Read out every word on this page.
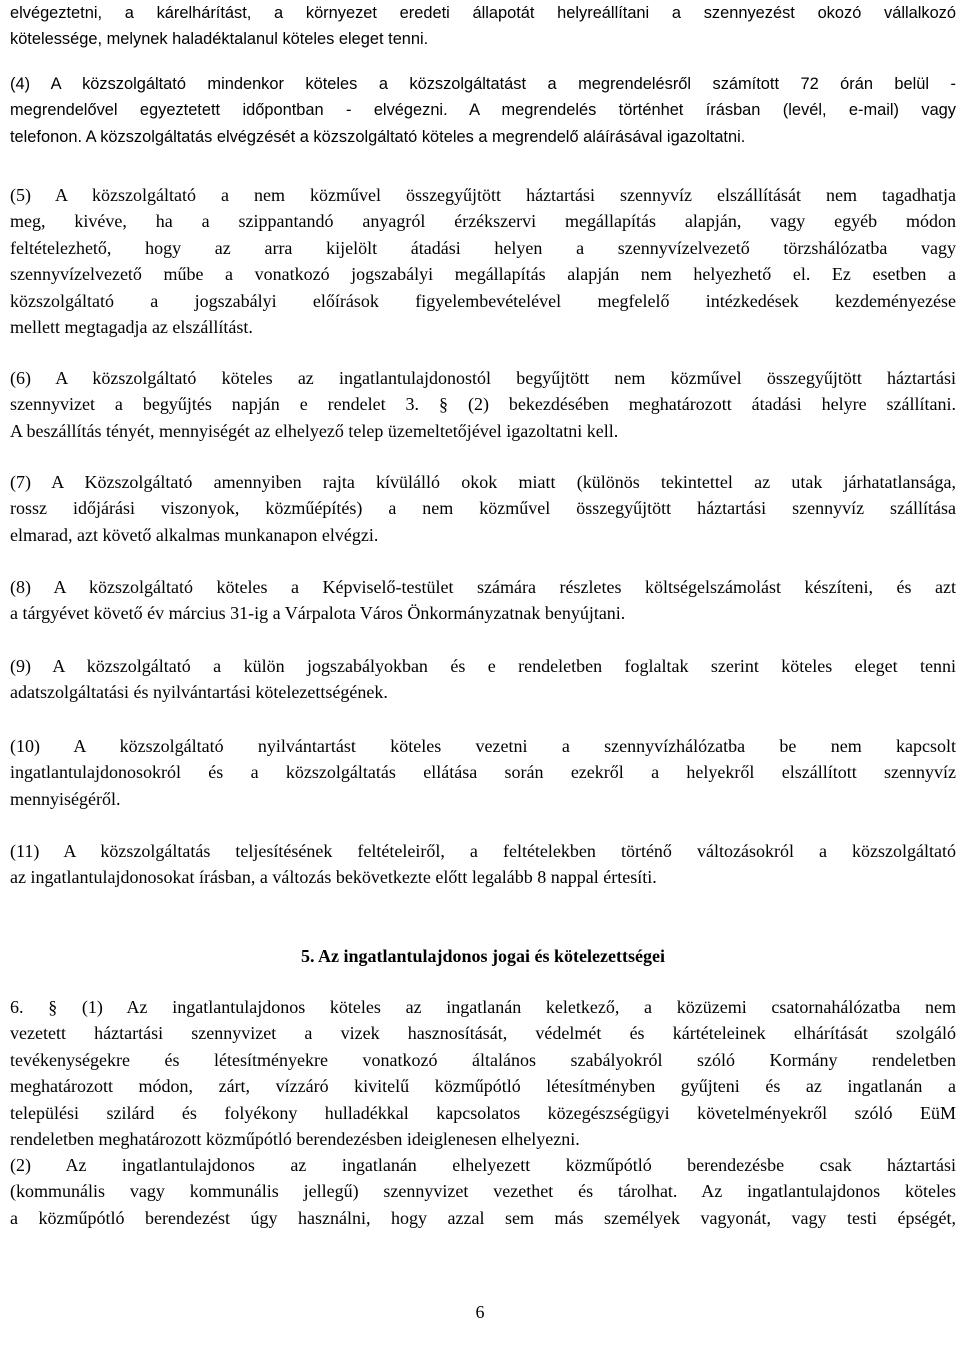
elvégeztetni, a kárelhárítást, a környezet eredeti állapotát helyreállítani a szennyezést okozó vállalkozó
kötelessége, melynek haladéktalanul köteles eleget tenni.
(4) A közszolgáltató mindenkor köteles a közszolgáltatást a megrendelésről számított 72 órán belül -
megrendelővel egyeztetett időpontban - elvégezni. A megrendelés történhet írásban (levél, e-mail) vagy
telefonon. A közszolgáltatás elvégzését a közszolgáltató köteles a megrendelő aláírásával igazoltatni.
(5) A közszolgáltató a nem közművel összegyűjtött háztartási szennyvíz elszállítását nem tagadhatja
meg, kivéve, ha a szippantandó anyagról érzékszervi megállapítás alapján, vagy egyéb módon
feltételezhető, hogy az arra kijelölt átadási helyen a szennyvízelvezető törzshálózatba vagy
szennyvízelvezető műbe a vonatkozó jogszabályi megállapítás alapján nem helyezhető el. Ez esetben a
közszolgáltató a jogszabályi előírások figyelembevételével megfelelő intézkedések kezdeményezése
mellett megtagadja az elszállítást.
(6) A közszolgáltató köteles az ingatlantulajdonostól begyűjtött nem közművel összegyűjtött háztartási
szennyvizet a begyűjtés napján e rendelet 3. § (2) bekezdésében meghatározott átadási helyre szállítani.
A beszállítás tényét, mennyiségét az elhelyező telep üzemeltetőjével igazoltatni kell.
(7) A Közszolgáltató amennyiben rajta kívülálló okok miatt (különös tekintettel az utak járhatatlansága,
rossz időjárási viszonyok, közműépítés) a nem közművel összegyűjtött háztartási szennyvíz szállítása
elmarad, azt követő alkalmas munkanapon elvégzi.
(8) A közszolgáltató köteles a Képviselő-testület számára részletes költségelszámolást készíteni, és azt
a tárgyévet követő év március 31-ig a Várpalota Város Önkormányzatnak benyújtani.
(9) A közszolgáltató a külön jogszabályokban és e rendeletben foglaltak szerint köteles eleget tenni
adatszolgáltatási és nyilvántartási kötelezettségének.
(10) A közszolgáltató nyilvántartást köteles vezetni a szennyvízhálózatba be nem kapcsolt
ingatlantulajdonosokról és a közszolgáltatás ellátása során ezekről a helyekről elszállított szennyvíz
mennyiségéről.
(11) A közszolgáltatás teljesítésének feltételeiről, a feltételekben történő változásokról a közszolgáltató
az ingatlantulajdonosokat írásban, a változás bekövetkezte előtt legalább 8 nappal értesíti.
5. Az ingatlantulajdonos jogai és kötelezettségei
6. § (1) Az ingatlantulajdonos köteles az ingatlanán keletkező, a közüzemi csatornahálózatba nem
vezetett háztartási szennyvizet a vizek hasznosítását, védelmét és kártételeinek elhárítását szolgáló
tevékenységekre és létesítményekre vonatkozó általános szabályokról szóló Kormány rendeletben
meghatározott módon, zárt, vízzáró kivitelű közműpótló létesítményben gyűjteni és az ingatlanán a
települési szilárd és folyékony hulladékkal kapcsolatos közegészségügyi követelményekről szóló EüM
rendeletben meghatározott közműpótló berendezésben ideiglenesen elhelyezni.
(2) Az ingatlantulajdonos az ingatlanán elhelyezett közműpótló berendezésbe csak háztartási
(kommunális vagy kommunális jellegű) szennyvizet vezethet és tárolhat. Az ingatlantulajdonos köteles
a közműpótló berendezést úgy használni, hogy azzal sem más személyek vagyonát, vagy testi épségét,
6
